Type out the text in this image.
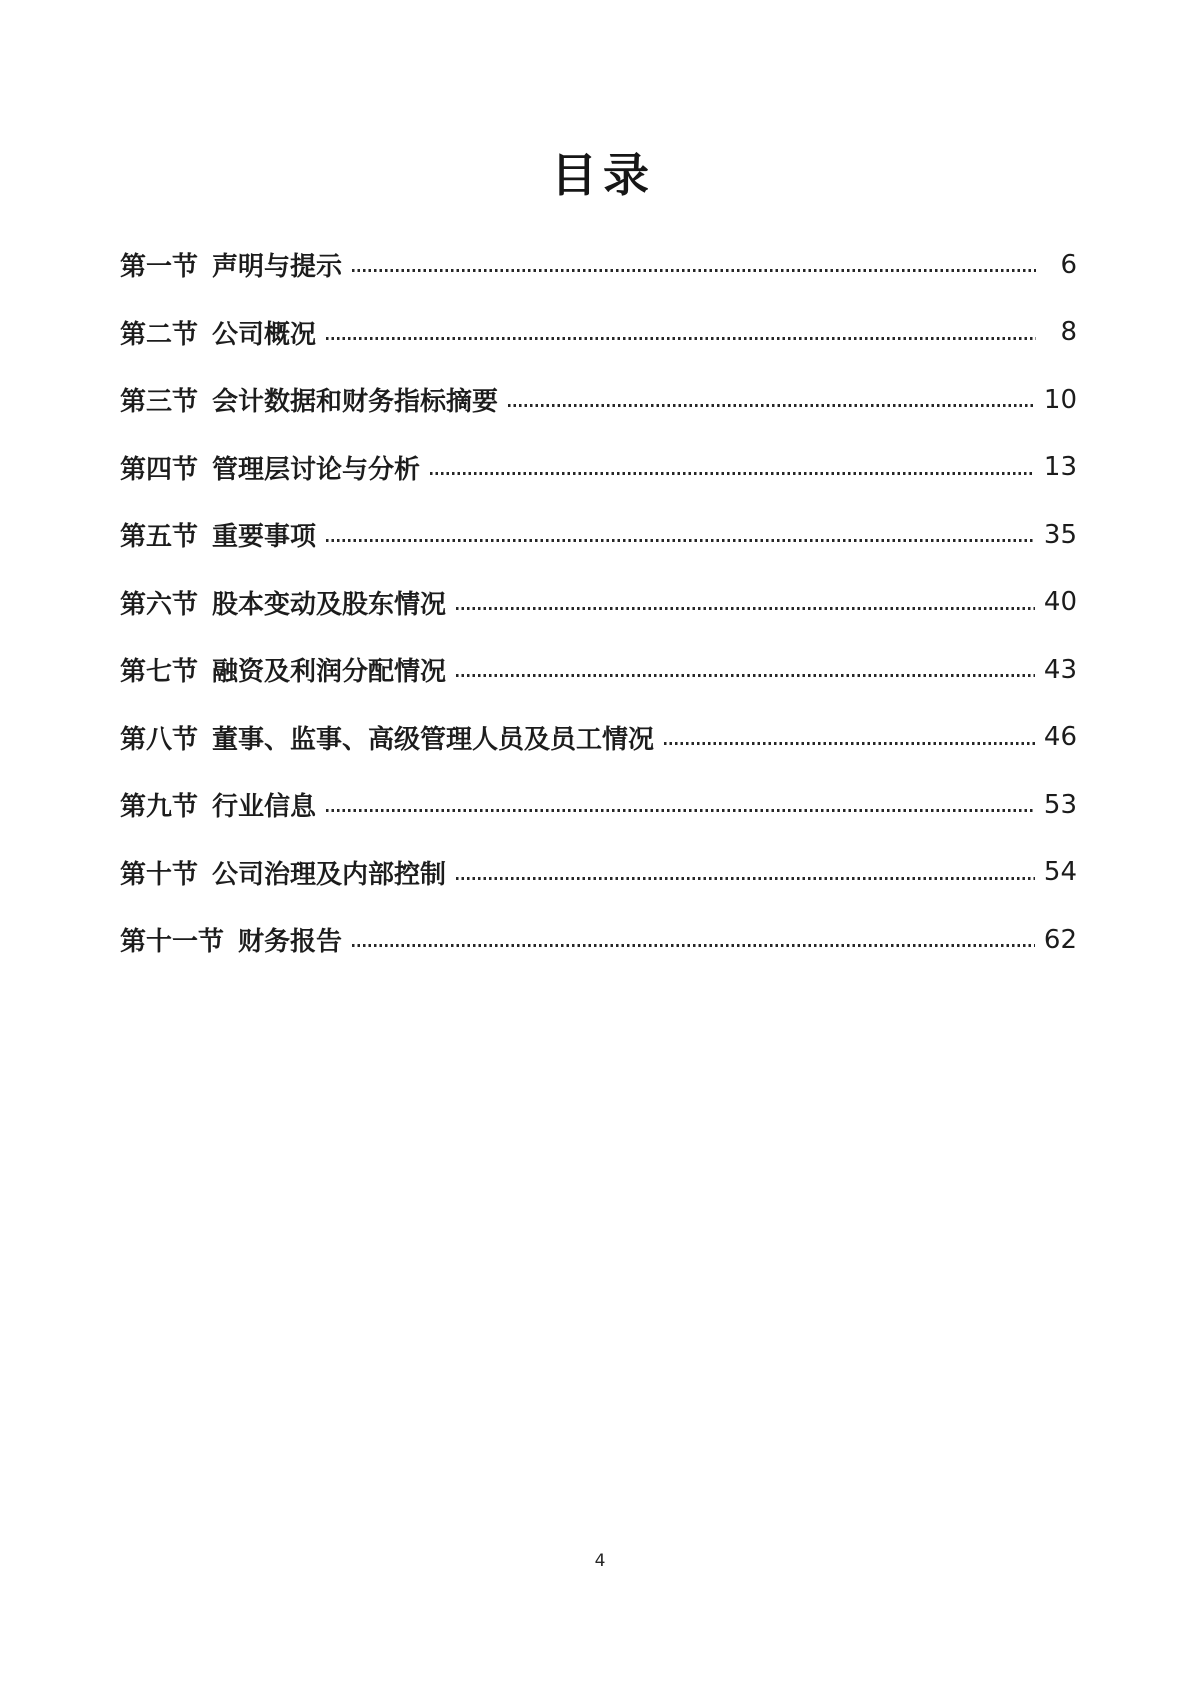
目录
第一节 声明与提示	6
第二节 公司概况	8
第三节 会计数据和财务指标摘要	10
第四节 管理层讨论与分析	13
第五节 重要事项	35
第六节 股本变动及股东情况	40
第七节 融资及利润分配情况	43
第八节 董事、监事、高级管理人员及员工情况	46
第九节 行业信息	53
第十节 公司治理及内部控制	54
第十一节 财务报告	62
4
